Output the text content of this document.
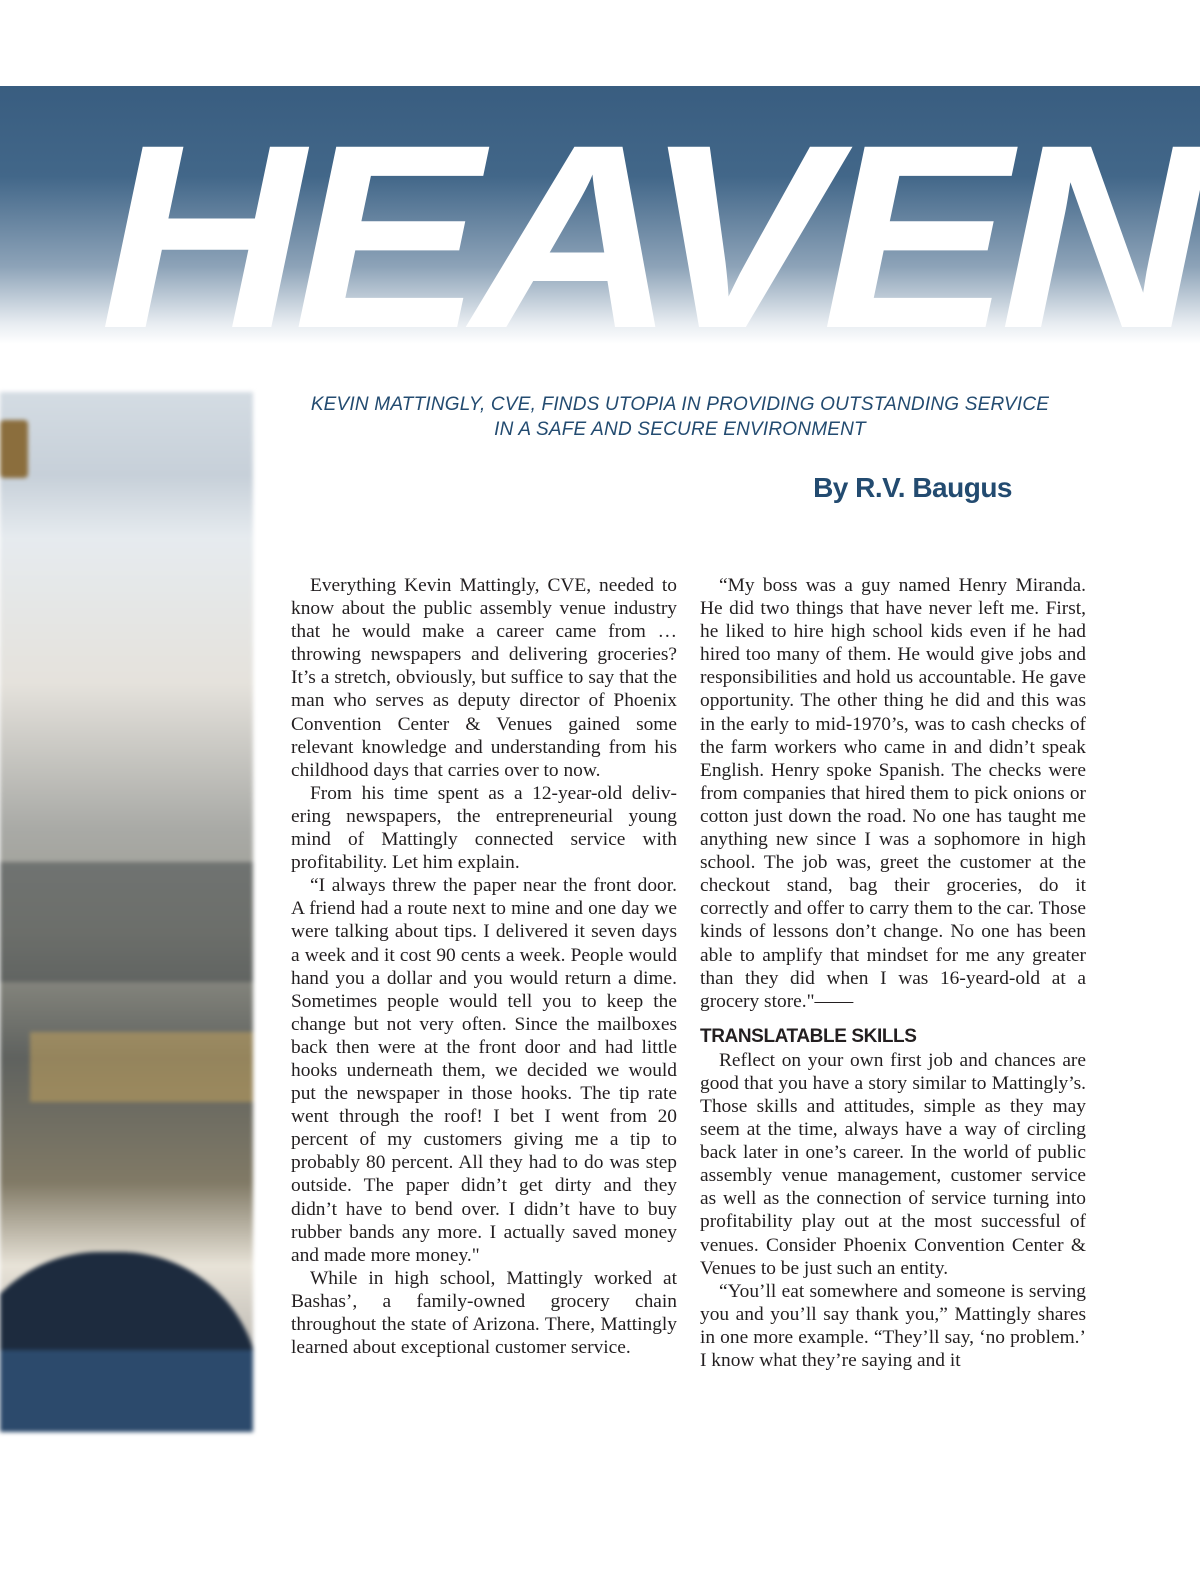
HEAVEN
KEVIN MATTINGLY, CVE, FINDS UTOPIA IN PROVIDING OUTSTANDING SERVICE
IN A SAFE AND SECURE ENVIRONMENT
By R.V. Baugus

Everything Kevin Mattingly, CVE, needed to know about the public assembly venue industry that he would make a career came from … throwing newspapers and delivering groceries? It’s a stretch, obviously, but suffice to say that the man who serves as deputy director of Phoenix Convention Center & Venues gained some relevant knowledge and understanding from his childhood days that carries over to now.

From his time spent as a 12-year-old delivering newspapers, the entrepreneurial young mind of Mattingly connected service with profitability. Let him explain.

“I always threw the paper near the front door. A friend had a route next to mine and one day we were talking about tips. I delivered it seven days a week and it cost 90 cents a week. People would hand you a dollar and you would return a dime. Sometimes people would tell you to keep the change but not very often. Since the mailboxes back then were at the front door and had little hooks underneath them, we decided we would put the newspaper in those hooks. The tip rate went through the roof! I bet I went from 20 percent of my customers giving me a tip to probably 80 percent. All they had to do was step outside. The paper didn’t get dirty and they didn’t have to bend over. I didn’t have to buy rubber bands any more. I actually saved money and made more money."

While in high school, Mattingly worked at Bashas’, a family-owned grocery chain throughout the state of Arizona. There, Mattingly learned about exceptional customer service.

“My boss was a guy named Henry Miranda. He did two things that have never left me. First, he liked to hire high school kids even if he had hired too many of them. He would give jobs and responsibilities and hold us accountable. He gave opportunity. The other thing he did and this was in the early to mid-1970’s, was to cash checks of the farm workers who came in and didn’t speak English. Henry spoke Spanish. The checks were from companies that hired them to pick onions or cotton just down the road. No one has taught me anything new since I was a sophomore in high school. The job was, greet the customer at the checkout stand, bag their groceries, do it correctly and offer to carry them to the car. Those kinds of lessons don’t change. No one has been able to amplify that mindset for me any greater than they did when I was 16-yeard-old at a grocery store."——

TRANSLATABLE SKILLS

Reflect on your own first job and chances are good that you have a story similar to Mattingly’s. Those skills and attitudes, simple as they may seem at the time, always have a way of circling back later in one’s career. In the world of public assembly venue management, customer service as well as the connection of service turning into profitability play out at the most successful of venues. Consider Phoenix Convention Center & Venues to be just such an entity.

“You’ll eat somewhere and someone is serving you and you’ll say thank you,” Mattingly shares in one more example. “They’ll say, ‘no problem.’ I know what they’re saying and it
